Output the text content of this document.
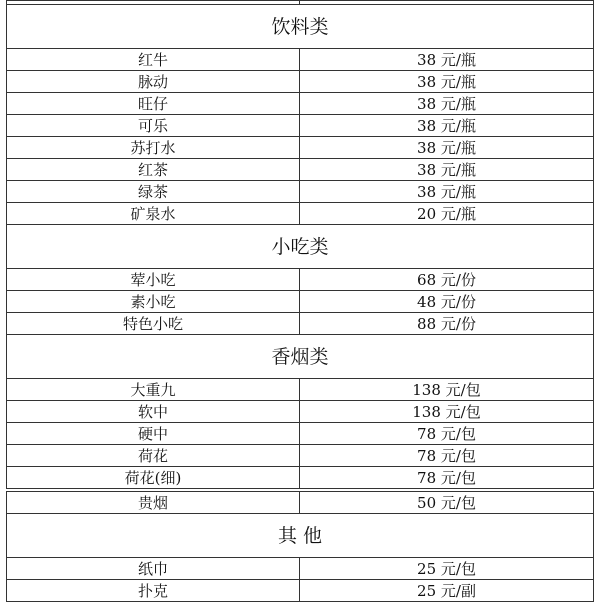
饮料类	
红牛	38 元/瓶
脉动	38 元/瓶
旺仔	38 元/瓶
可乐	38 元/瓶
苏打水	38 元/瓶
红茶	38 元/瓶
绿茶	38 元/瓶
矿泉水	20 元/瓶
小吃类	
荤小吃	68 元/份
素小吃	48 元/份
特色小吃	88 元/份
香烟类	
大重九	138 元/包
软中	138 元/包
硬中	78 元/包
荷花	78 元/包
荷花(细)	78 元/包

贵烟	50 元/包
其 他	
纸巾	25 元/包
扑克	25 元/副
